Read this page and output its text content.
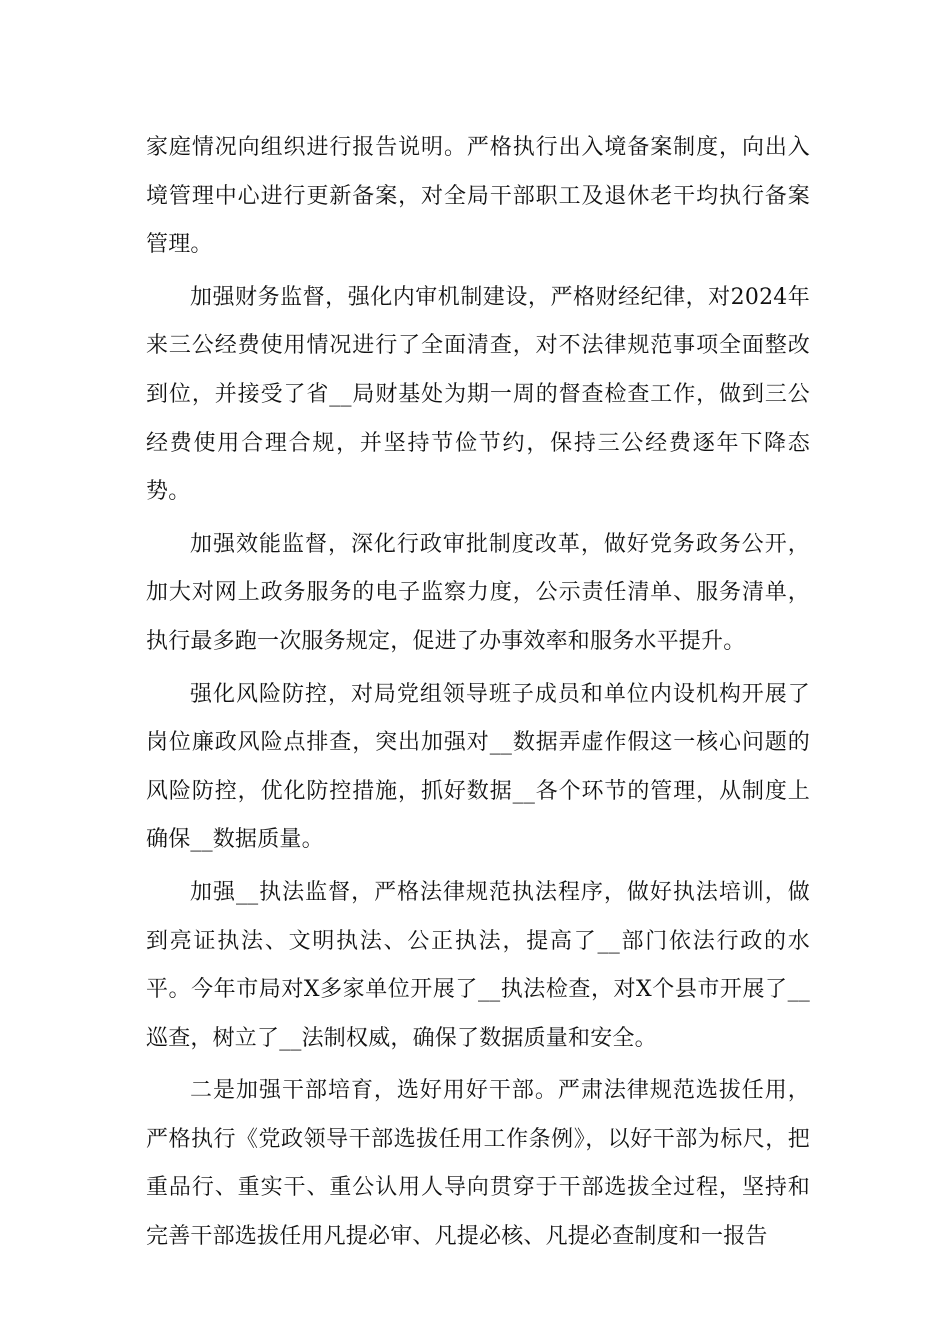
家庭情况向组织进行报告说明。严格执行出入境备案制度，向出入境管理中心进行更新备案，对全局干部职工及退休老干均执行备案管理。

加强财务监督，强化内审机制建设，严格财经纪律，对2024年来三公经费使用情况进行了全面清查，对不法律规范事项全面整改到位，并接受了省__局财基处为期一周的督查检查工作，做到三公经费使用合理合规，并坚持节俭节约，保持三公经费逐年下降态势。

加强效能监督，深化行政审批制度改革，做好党务政务公开，加大对网上政务服务的电子监察力度，公示责任清单、服务清单，执行最多跑一次服务规定，促进了办事效率和服务水平提升。

强化风险防控，对局党组领导班子成员和单位内设机构开展了岗位廉政风险点排查，突出加强对__数据弄虚作假这一核心问题的风险防控，优化防控措施，抓好数据__各个环节的管理，从制度上确保__数据质量。

加强__执法监督，严格法律规范执法程序，做好执法培训，做到亮证执法、文明执法、公正执法，提高了__部门依法行政的水平。今年市局对X多家单位开展了__执法检查，对X个县市开展了__巡查，树立了__法制权威，确保了数据质量和安全。

二是加强干部培育，选好用好干部。严肃法律规范选拔任用，严格执行《党政领导干部选拔任用工作条例》，以好干部为标尺，把重品行、重实干、重公认用人导向贯穿于干部选拔全过程，坚持和完善干部选拔任用凡提必审、凡提必核、凡提必查制度和一报告
